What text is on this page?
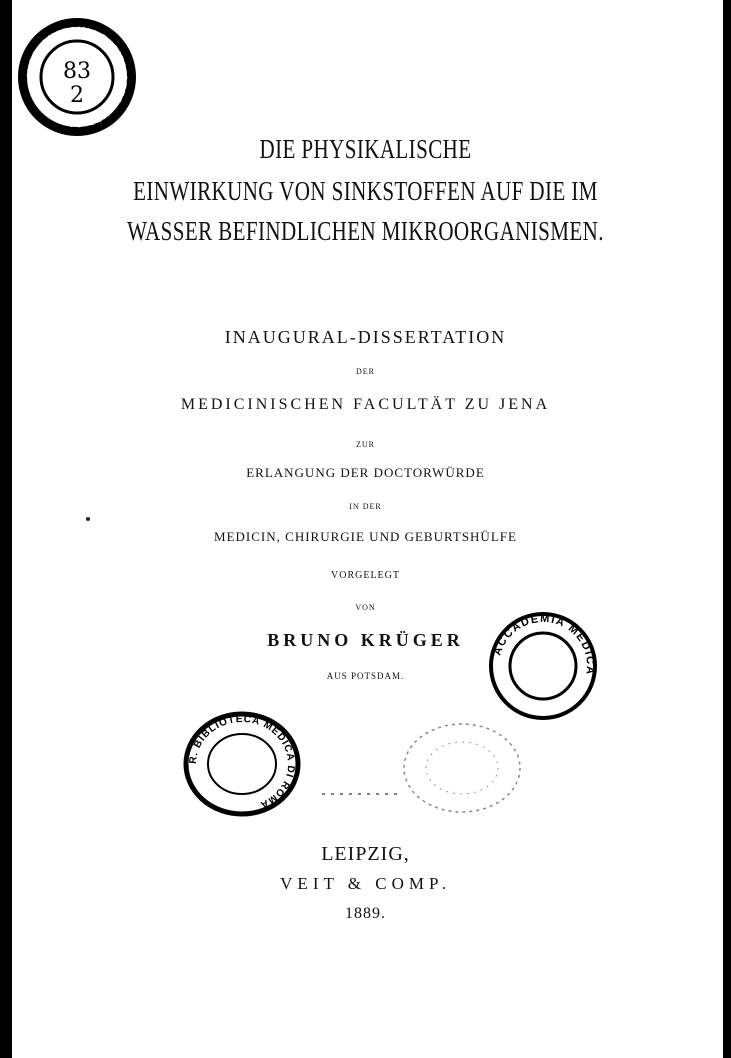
MISC. ANATOMIA R. BIBLIOTECA MEDICA
83
2
DIE PHYSIKALISCHE
EINWIRKUNG VON SINKSTOFFEN AUF DIE IM
WASSER BEFINDLICHEN MIKROORGANISMEN.
INAUGURAL-DISSERTATION
DER
MEDICINISCHEN FACULTÄT ZU JENA
ZUR
ERLANGUNG DER DOCTORWÜRDE
IN DER
MEDICIN, CHIRURGIE UND GEBURTSHÜLFE
VORGELEGT
VON
BRUNO KRÜGER
AUS POTSDAM.
ACCADEMIA MEDICA
R. BIBLIOTECA MEDICA DI ROMA
LEIPZIG,
VEIT & COMP.
1889.
